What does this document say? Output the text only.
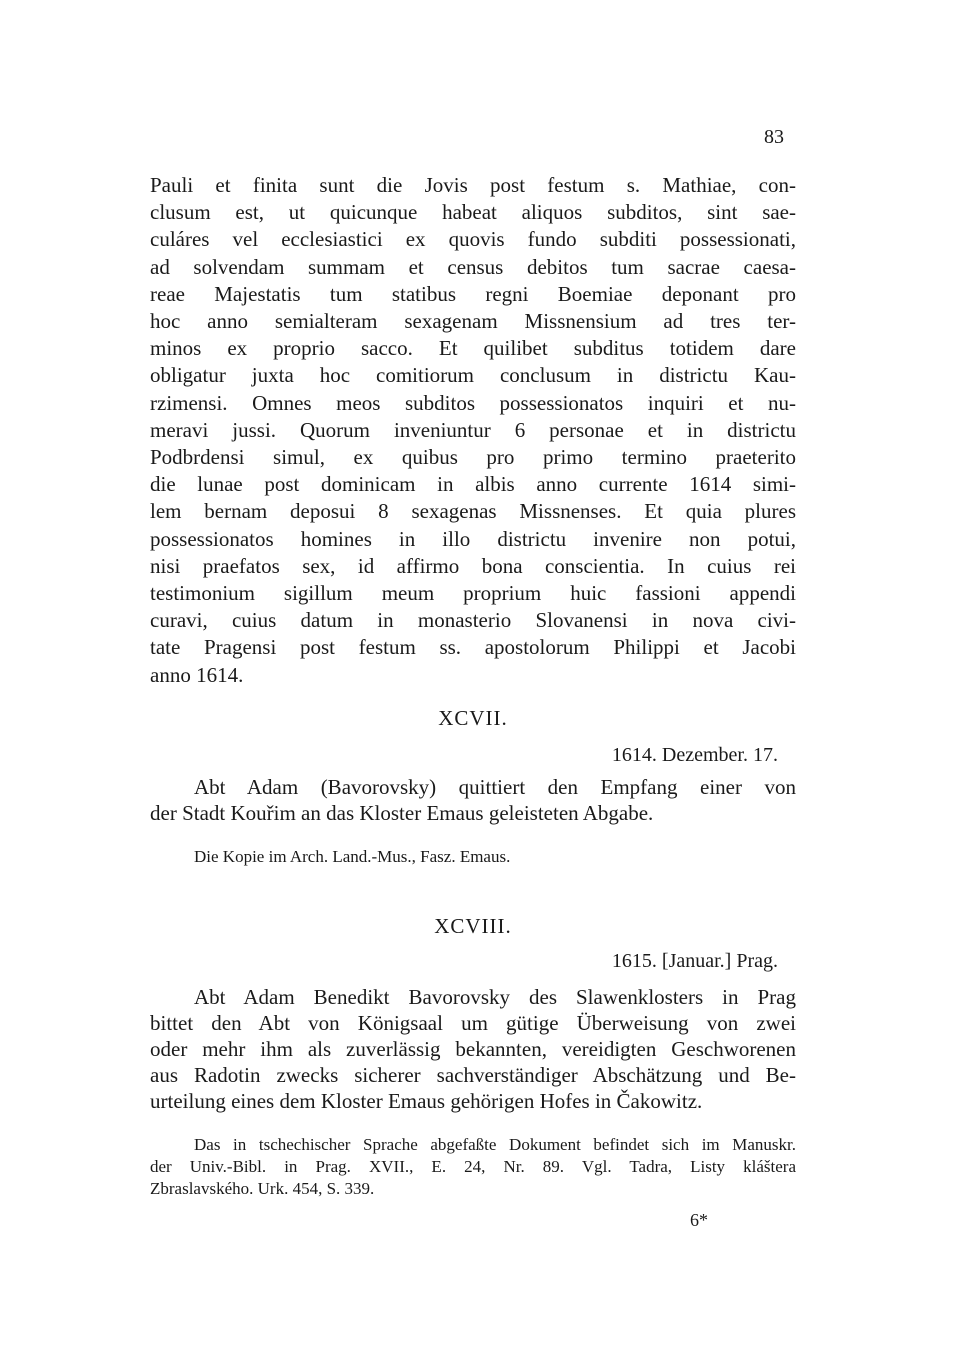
83
Pauli et finita sunt die Jovis post festum s. Mathiae, con-
clusum est, ut quicunque habeat aliquos subditos, sint sae-
culáres vel ecclesiastici ex quovis fundo subditi possessionati,
ad solvendam summam et census debitos tum sacrae caesa-
reae Majestatis tum statibus regni Boemiae deponant pro
hoc anno semialteram sexagenam Missnensium ad tres ter-
minos ex proprio sacco. Et quilibet subditus totidem dare
obligatur juxta hoc comitiorum conclusum in districtu Kau-
rzimensi. Omnes meos subditos possessionatos inquiri et nu-
meravi jussi. Quorum inveniuntur 6 personae et in districtu
Podbrdensi simul, ex quibus pro primo termino praeterito
die lunae post dominicam in albis anno currente 1614 simi-
lem bernam deposui 8 sexagenas Missnenses. Et quia plures
possessionatos homines in illo districtu invenire non potui,
nisi praefatos sex, id affirmo bona conscientia. In cuius rei
testimonium sigillum meum proprium huic fassioni appendi
curavi, cuius datum in monasterio Slovanensi in nova civi-
tate Pragensi post festum ss. apostolorum Philippi et Jacobi
anno 1614.
XCVII.
1614. Dezember. 17.
Abt Adam (Bavorovsky) quittiert den Empfang einer von
der Stadt Kouřim an das Kloster Emaus geleisteten Abgabe.
Die Kopie im Arch. Land.-Mus., Fasz. Emaus.
XCVIII.
1615. [Januar.] Prag.
Abt Adam Benedikt Bavorovsky des Slawenklosters in Prag
bittet den Abt von Königsaal um gütige Überweisung von zwei
oder mehr ihm als zuverlässig bekannten, vereidigten Geschworenen
aus Radotin zwecks sicherer sachverständiger Abschätzung und Be-
urteilung eines dem Kloster Emaus gehörigen Hofes in Čakowitz.
Das in tschechischer Sprache abgefaßte Dokument befindet sich im Manuskr.
der Univ.-Bibl. in Prag. XVII., E. 24, Nr. 89. Vgl. Tadra, Listy kláštera
Zbraslavského. Urk. 454, S. 339.
6*
